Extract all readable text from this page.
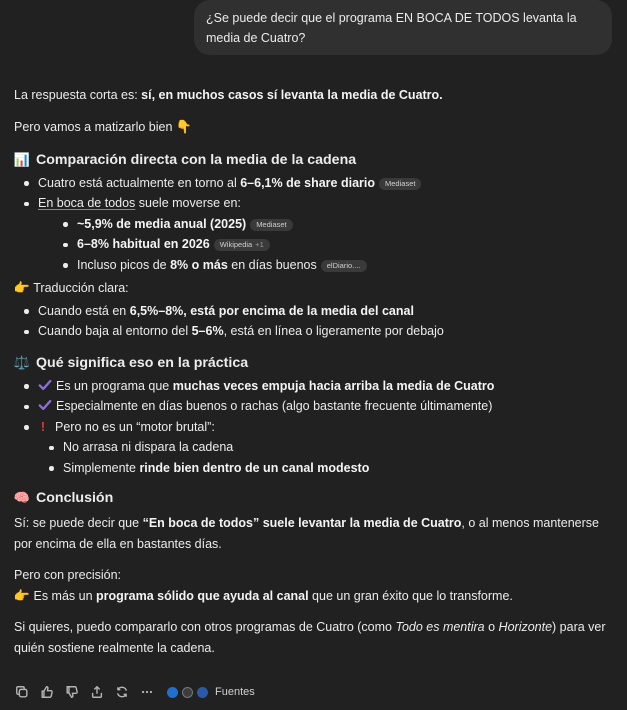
¿Se puede decir que el programa EN BOCA DE TODOS levanta la media de Cuatro?

La respuesta corta es: sí, en muchos casos sí levanta la media de Cuatro.

Pero vamos a matizarlo bien 👇

📊 Comparación directa con la media de la cadena
Cuatro está actualmente en torno al 6–6,1% de share diario Mediaset
En boca de todos suele moverse en:
~5,9% de media anual (2025) Mediaset
6–8% habitual en 2026 Wikipedia +1
Incluso picos de 8% o más en días buenos elDiario....

👉 Traducción clara:

Cuando está en 6,5%–8%, está por encima de la media del canal
Cuando baja al entorno del 5–6%, está en línea o ligeramente por debajo
⚖️ Qué significa eso en la práctica
Es un programa que muchas veces empuja hacia arriba la media de Cuatro
Especialmente en días buenos o rachas (algo bastante frecuente últimamente)
! Pero no es un “motor brutal”:
No arrasa ni dispara la cadena
Simplemente rinde bien dentro de un canal modesto
🧠 Conclusión

Sí: se puede decir que “En boca de todos” suele levantar la media de Cuatro, o al menos mantenerse por encima de ella en bastantes días.

Pero con precisión:
👉 Es más un programa sólido que ayuda al canal que un gran éxito que lo transforme.

Si quieres, puedo compararlo con otros programas de Cuatro (como Todo es mentira o Horizonte) para ver quién sostiene realmente la cadena.

Fuentes
